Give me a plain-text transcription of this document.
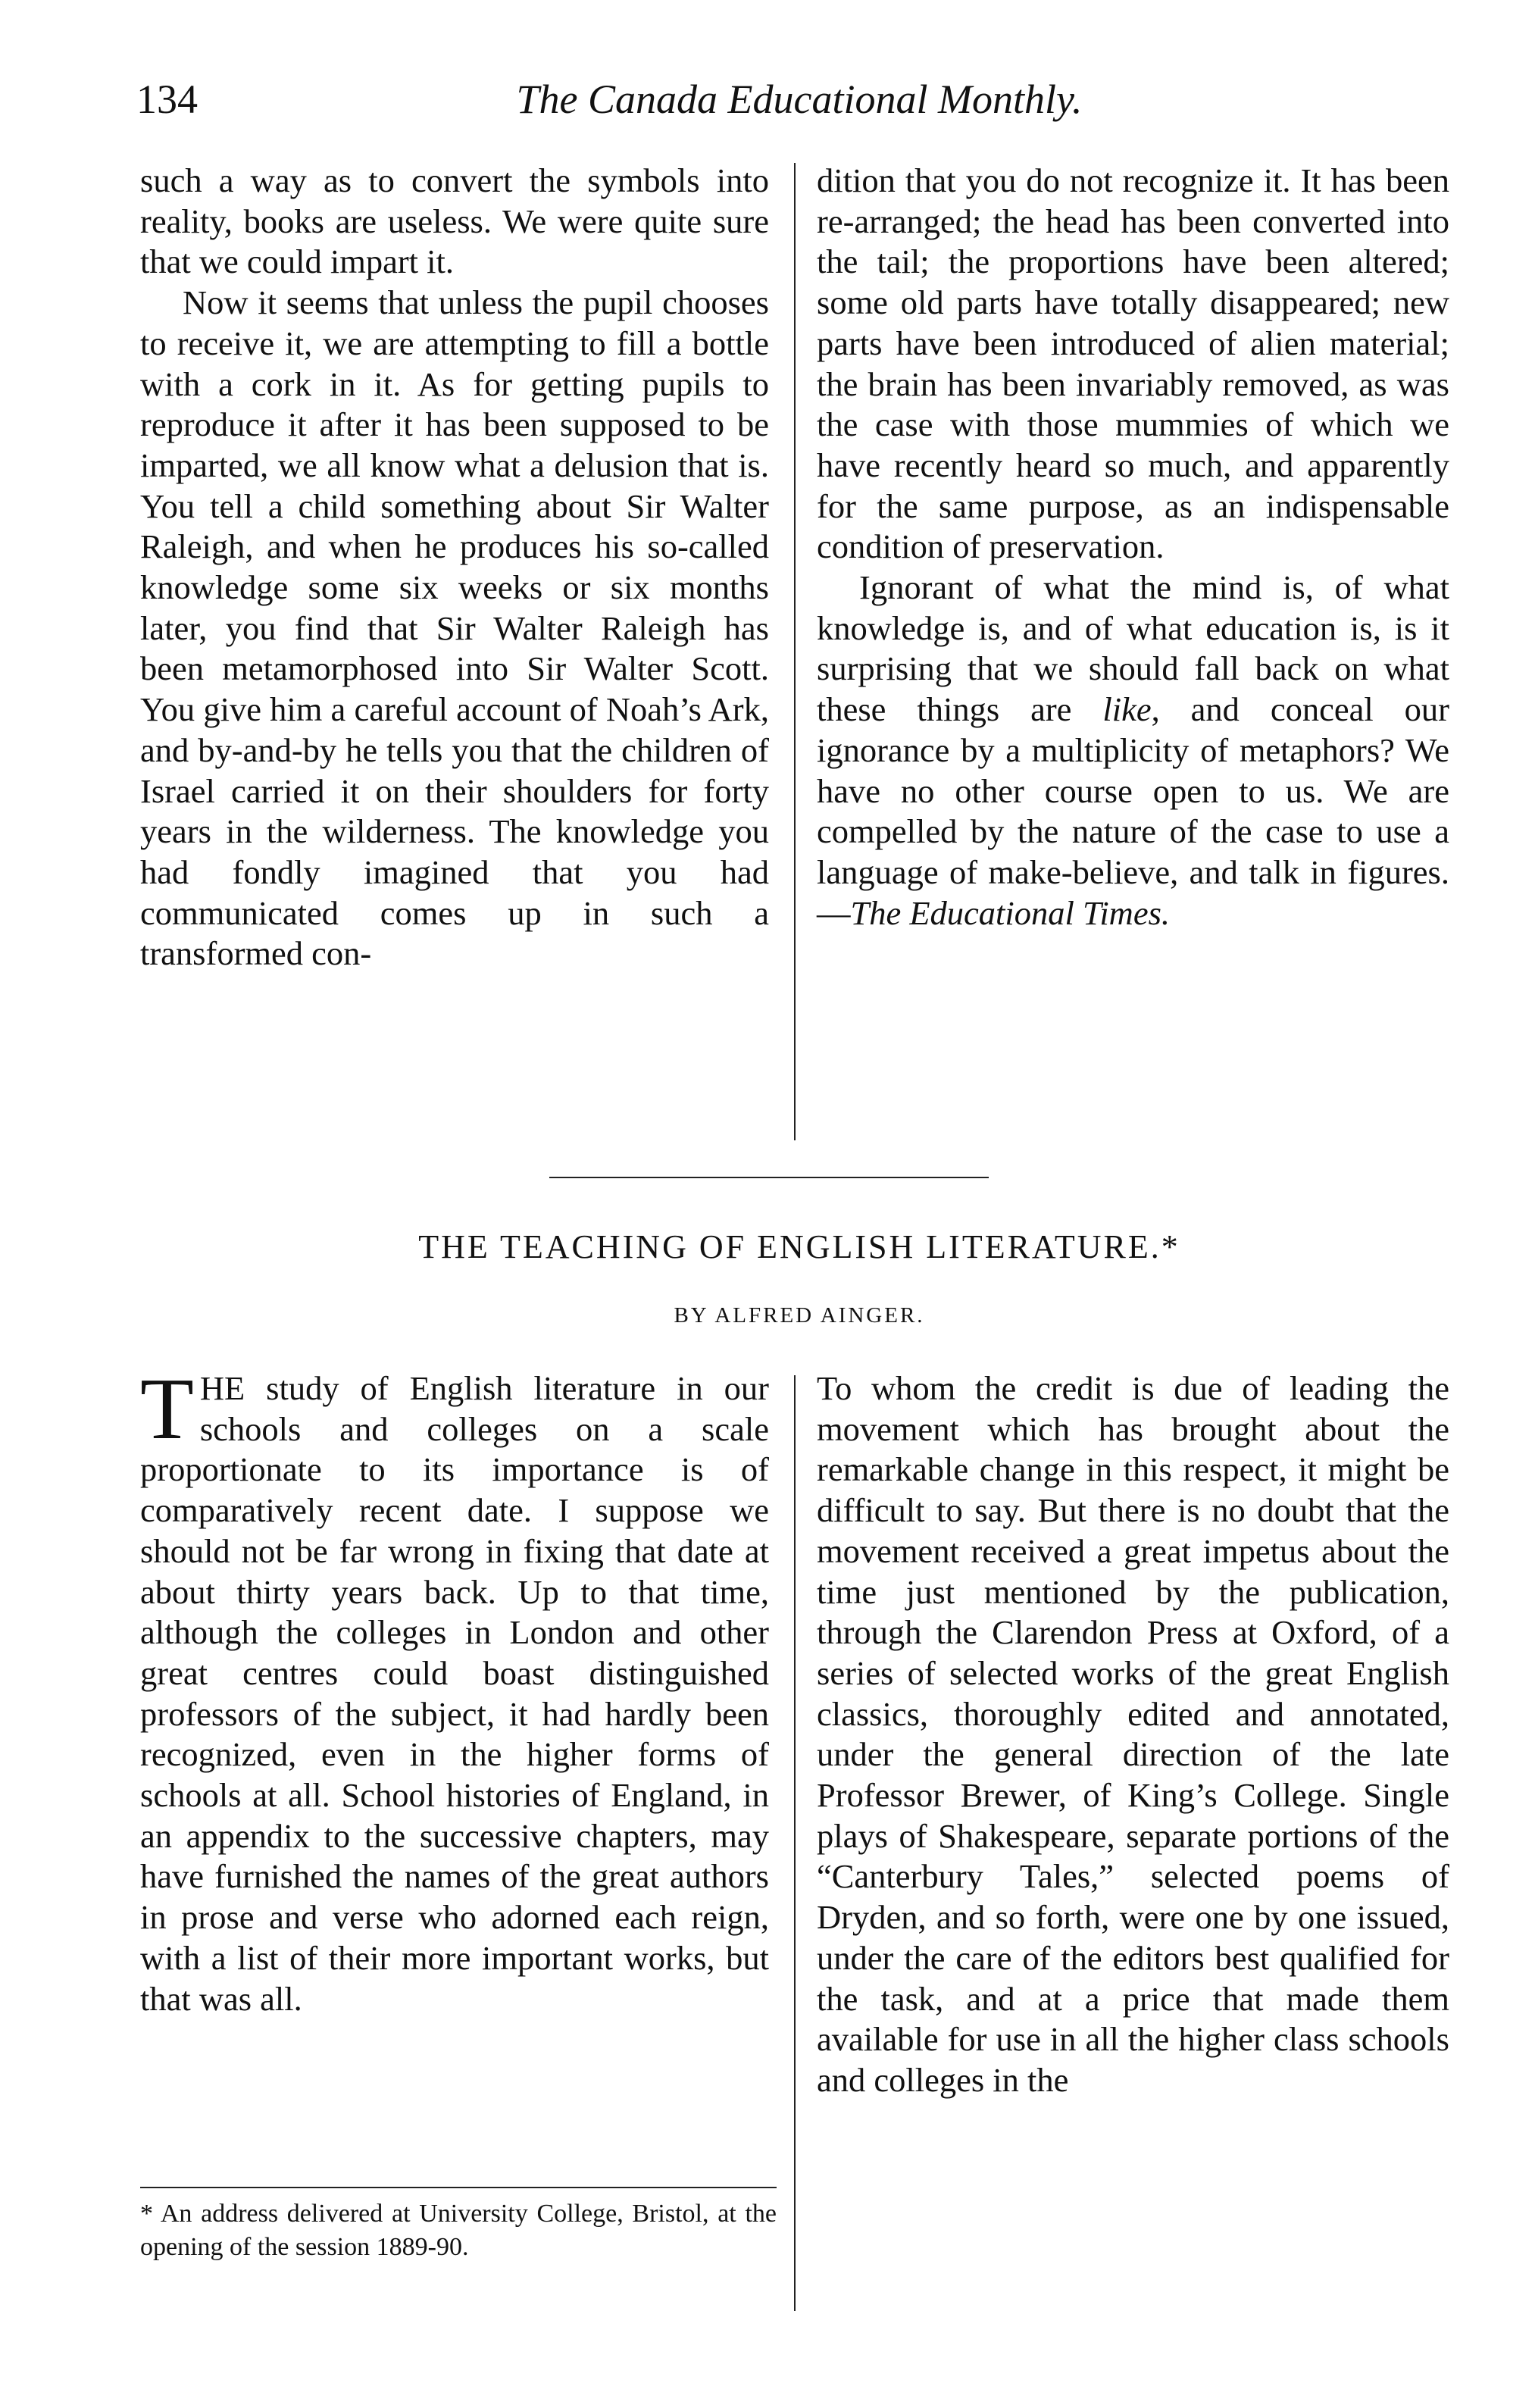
134	The Canada Educational Monthly.

such a way as to convert the symbols into reality, books are useless. We were quite sure that we could impart it.

Now it seems that unless the pupil chooses to receive it, we are attempting to fill a bottle with a cork in it. As for getting pupils to reproduce it after it has been supposed to be imparted, we all know what a delusion that is. You tell a child something about Sir Walter Raleigh, and when he produces his so-called knowledge some six weeks or six months later, you find that Sir Walter Raleigh has been metamorphosed into Sir Walter Scott. You give him a careful account of Noah’s Ark, and by-and-by he tells you that the children of Israel carried it on their shoulders for forty years in the wilderness. The knowledge you had fondly imagined that you had communicated comes up in such a transformed con-

dition that you do not recognize it. It has been re-arranged; the head has been converted into the tail; the proportions have been altered; some old parts have totally disappeared; new parts have been introduced of alien material; the brain has been invariably removed, as was the case with those mummies of which we have recently heard so much, and apparently for the same purpose, as an indispensable condition of preservation.

Ignorant of what the mind is, of what knowledge is, and of what education is, is it surprising that we should fall back on what these things are like, and conceal our ignorance by a multiplicity of metaphors? We have no other course open to us. We are compelled by the nature of the case to use a language of make-believe, and talk in figures.—The Educational Times.

THE TEACHING OF ENGLISH LITERATURE.*
BY ALFRED AINGER.

THE study of English literature in our schools and colleges on a scale proportionate to its importance is of comparatively recent date. I suppose we should not be far wrong in fixing that date at about thirty years back. Up to that time, although the colleges in London and other great centres could boast distinguished professors of the subject, it had hardly been recognized, even in the higher forms of schools at all. School histories of England, in an appendix to the successive chapters, may have furnished the names of the great authors in prose and verse who adorned each reign, with a list of their more important works, but that was all.

To whom the credit is due of leading the movement which has brought about the remarkable change in this respect, it might be difficult to say. But there is no doubt that the movement received a great impetus about the time just mentioned by the publication, through the Clarendon Press at Oxford, of a series of selected works of the great English classics, thoroughly edited and annotated, under the general direction of the late Professor Brewer, of King’s College. Single plays of Shakespeare, separate portions of the “Canterbury Tales,” selected poems of Dryden, and so forth, were one by one issued, under the care of the editors best qualified for the task, and at a price that made them available for use in all the higher class schools and colleges in the

* An address delivered at University College, Bristol, at the opening of the session 1889-90.
